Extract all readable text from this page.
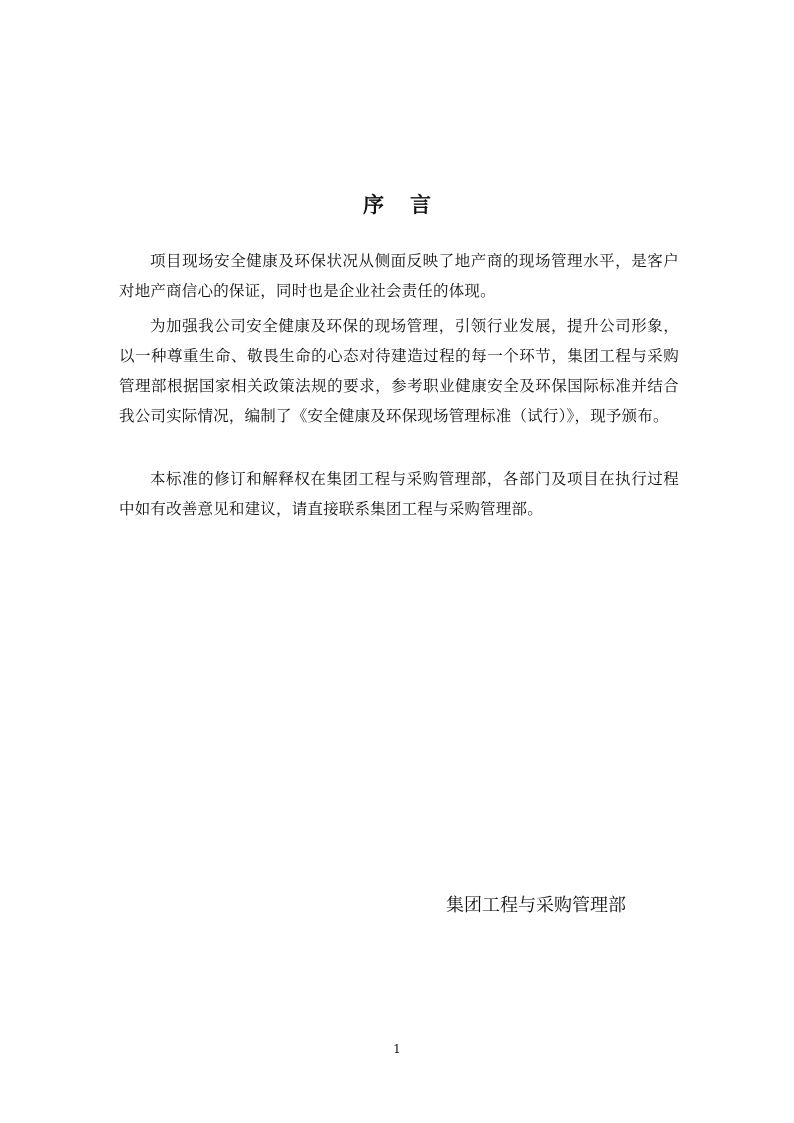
序言

项目现场安全健康及环保状况从侧面反映了地产商的现场管理水平，是客户对地产商信心的保证，同时也是企业社会责任的体现。

为加强我公司安全健康及环保的现场管理，引领行业发展，提升公司形象，以一种尊重生命、敬畏生命的心态对待建造过程的每一个环节，集团工程与采购管理部根据国家相关政策法规的要求，参考职业健康安全及环保国际标准并结合我公司实际情况，编制了《安全健康及环保现场管理标准（试行）》，现予颁布。

本标准的修订和解释权在集团工程与采购管理部，各部门及项目在执行过程中如有改善意见和建议，请直接联系集团工程与采购管理部。

集团工程与采购管理部

1
